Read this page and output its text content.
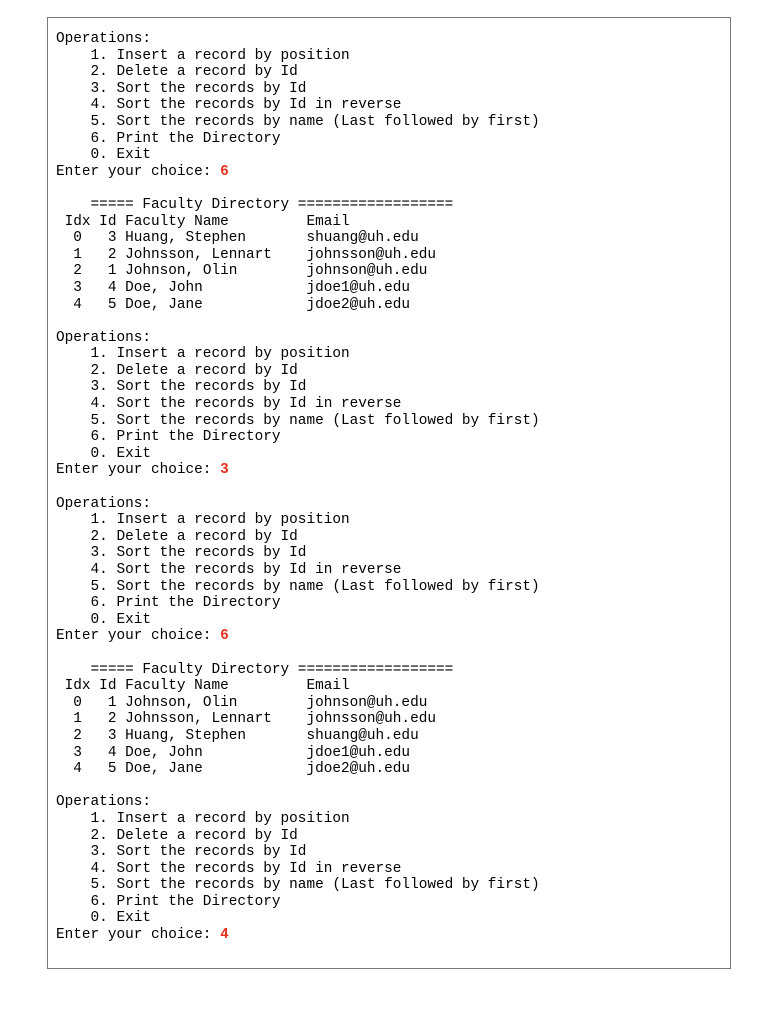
Operations:
1. Insert a record by position
2. Delete a record by Id
3. Sort the records by Id
4. Sort the records by Id in reverse
5. Sort the records by name (Last followed by first)
6. Print the Directory
0. Exit
Enter your choice: 6
===== Faculty Directory ==================
Idx Id Faculty Name         Email
0   3 Huang, Stephen       shuang@uh.edu
1   2 Johnsson, Lennart    johnsson@uh.edu
2   1 Johnson, Olin        johnson@uh.edu
3   4 Doe, John            jdoe1@uh.edu
4   5 Doe, Jane            jdoe2@uh.edu
Operations:
1. Insert a record by position
2. Delete a record by Id
3. Sort the records by Id
4. Sort the records by Id in reverse
5. Sort the records by name (Last followed by first)
6. Print the Directory
0. Exit
Enter your choice: 3
Operations:
1. Insert a record by position
2. Delete a record by Id
3. Sort the records by Id
4. Sort the records by Id in reverse
5. Sort the records by name (Last followed by first)
6. Print the Directory
0. Exit
Enter your choice: 6
===== Faculty Directory ==================
Idx Id Faculty Name         Email
0   1 Johnson, Olin        johnson@uh.edu
1   2 Johnsson, Lennart    johnsson@uh.edu
2   3 Huang, Stephen       shuang@uh.edu
3   4 Doe, John            jdoe1@uh.edu
4   5 Doe, Jane            jdoe2@uh.edu
Operations:
1. Insert a record by position
2. Delete a record by Id
3. Sort the records by Id
4. Sort the records by Id in reverse
5. Sort the records by name (Last followed by first)
6. Print the Directory
0. Exit
Enter your choice: 4
